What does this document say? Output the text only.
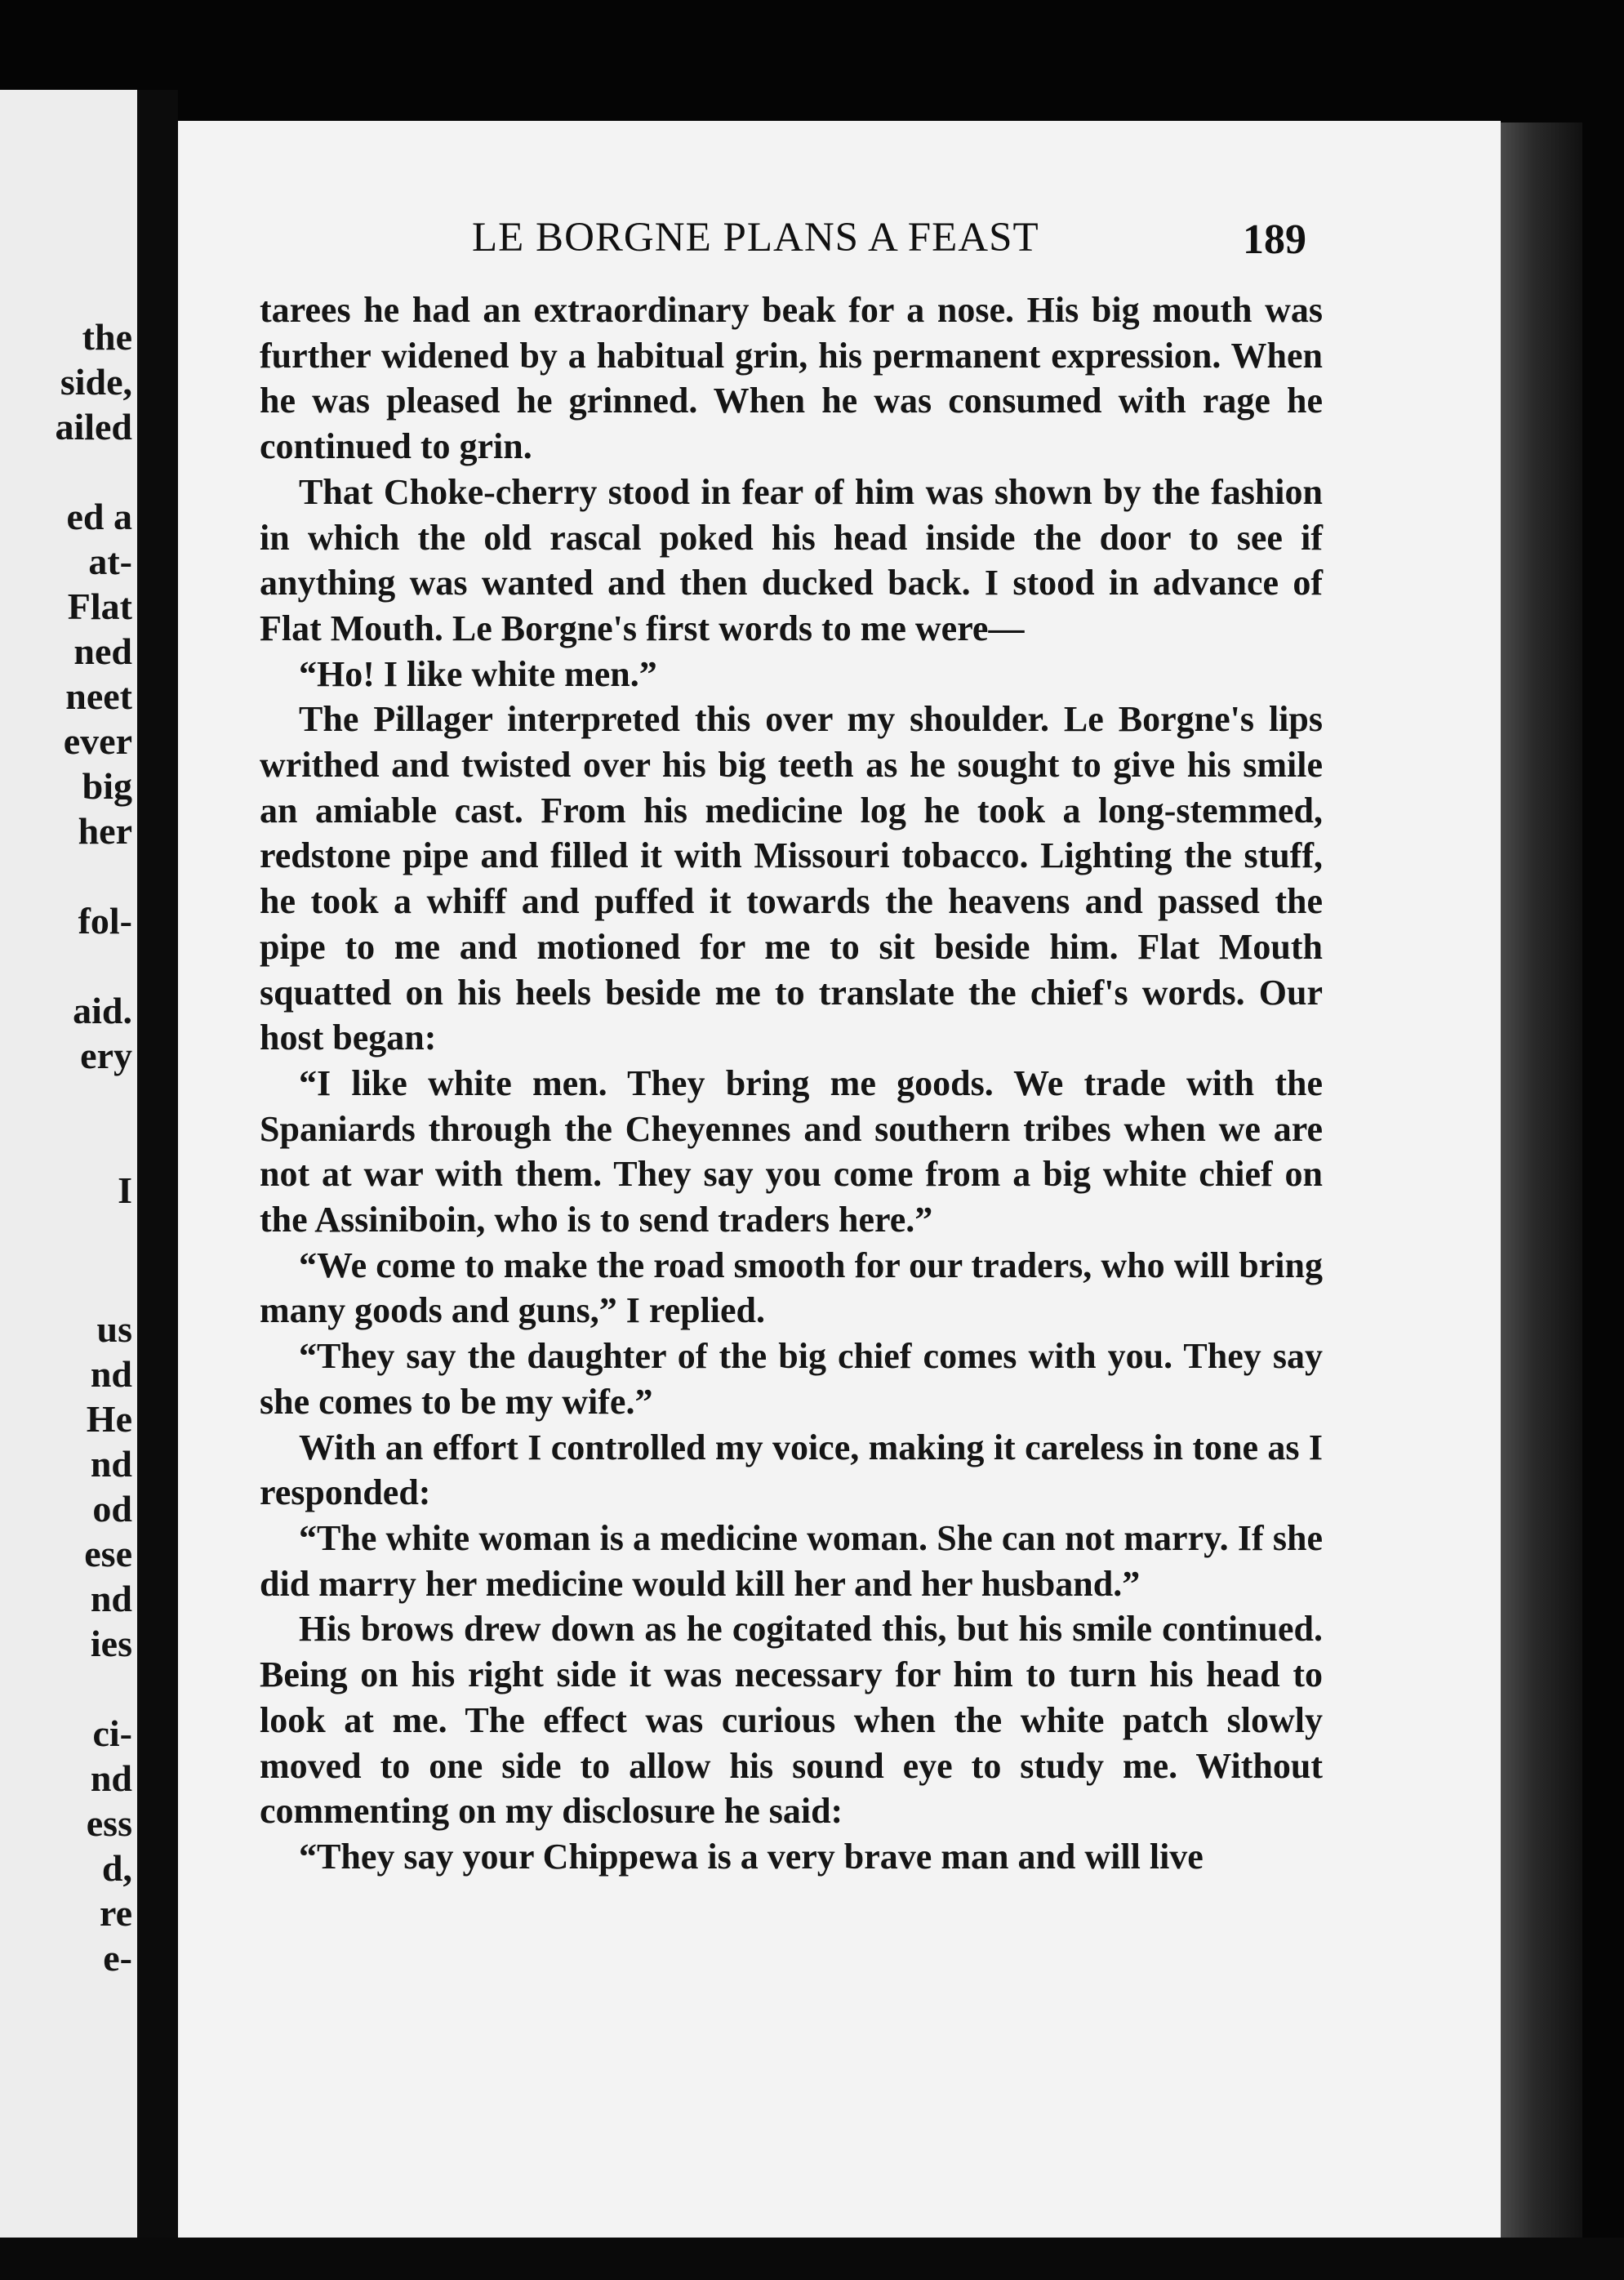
the
side,
ailed
ed a
at-
Flat
ned
neet
ever
big
her
fol-
aid.
ery
I
us
nd
He
nd
od
ese
nd
ies
ci-
nd
ess
d,
re
e-
LE BORGNE PLANS A FEAST	189

tarees he had an extraordinary beak for a nose. His big mouth was further widened by a habitual grin, his permanent expression. When he was pleased he grinned. When he was consumed with rage he continued to grin.

That Choke-cherry stood in fear of him was shown by the fashion in which the old rascal poked his head inside the door to see if anything was wanted and then ducked back. I stood in advance of Flat Mouth. Le Borgne's first words to me were—

“Ho! I like white men.”

The Pillager interpreted this over my shoulder. Le Borgne's lips writhed and twisted over his big teeth as he sought to give his smile an amiable cast. From his medicine log he took a long-stemmed, redstone pipe and filled it with Missouri tobacco. Lighting the stuff, he took a whiff and puffed it towards the heavens and passed the pipe to me and motioned for me to sit beside him. Flat Mouth squatted on his heels beside me to translate the chief's words. Our host began:

“I like white men. They bring me goods. We trade with the Spaniards through the Cheyennes and southern tribes when we are not at war with them. They say you come from a big white chief on the Assiniboin, who is to send traders here.”

“We come to make the road smooth for our traders, who will bring many goods and guns,” I replied.

“They say the daughter of the big chief comes with you. They say she comes to be my wife.”

With an effort I controlled my voice, making it careless in tone as I responded:

“The white woman is a medicine woman. She can not marry. If she did marry her medicine would kill her and her husband.”

His brows drew down as he cogitated this, but his smile continued. Being on his right side it was necessary for him to turn his head to look at me. The effect was curious when the white patch slowly moved to one side to allow his sound eye to study me. Without commenting on my disclosure he said:

“They say your Chippewa is a very brave man and will live
